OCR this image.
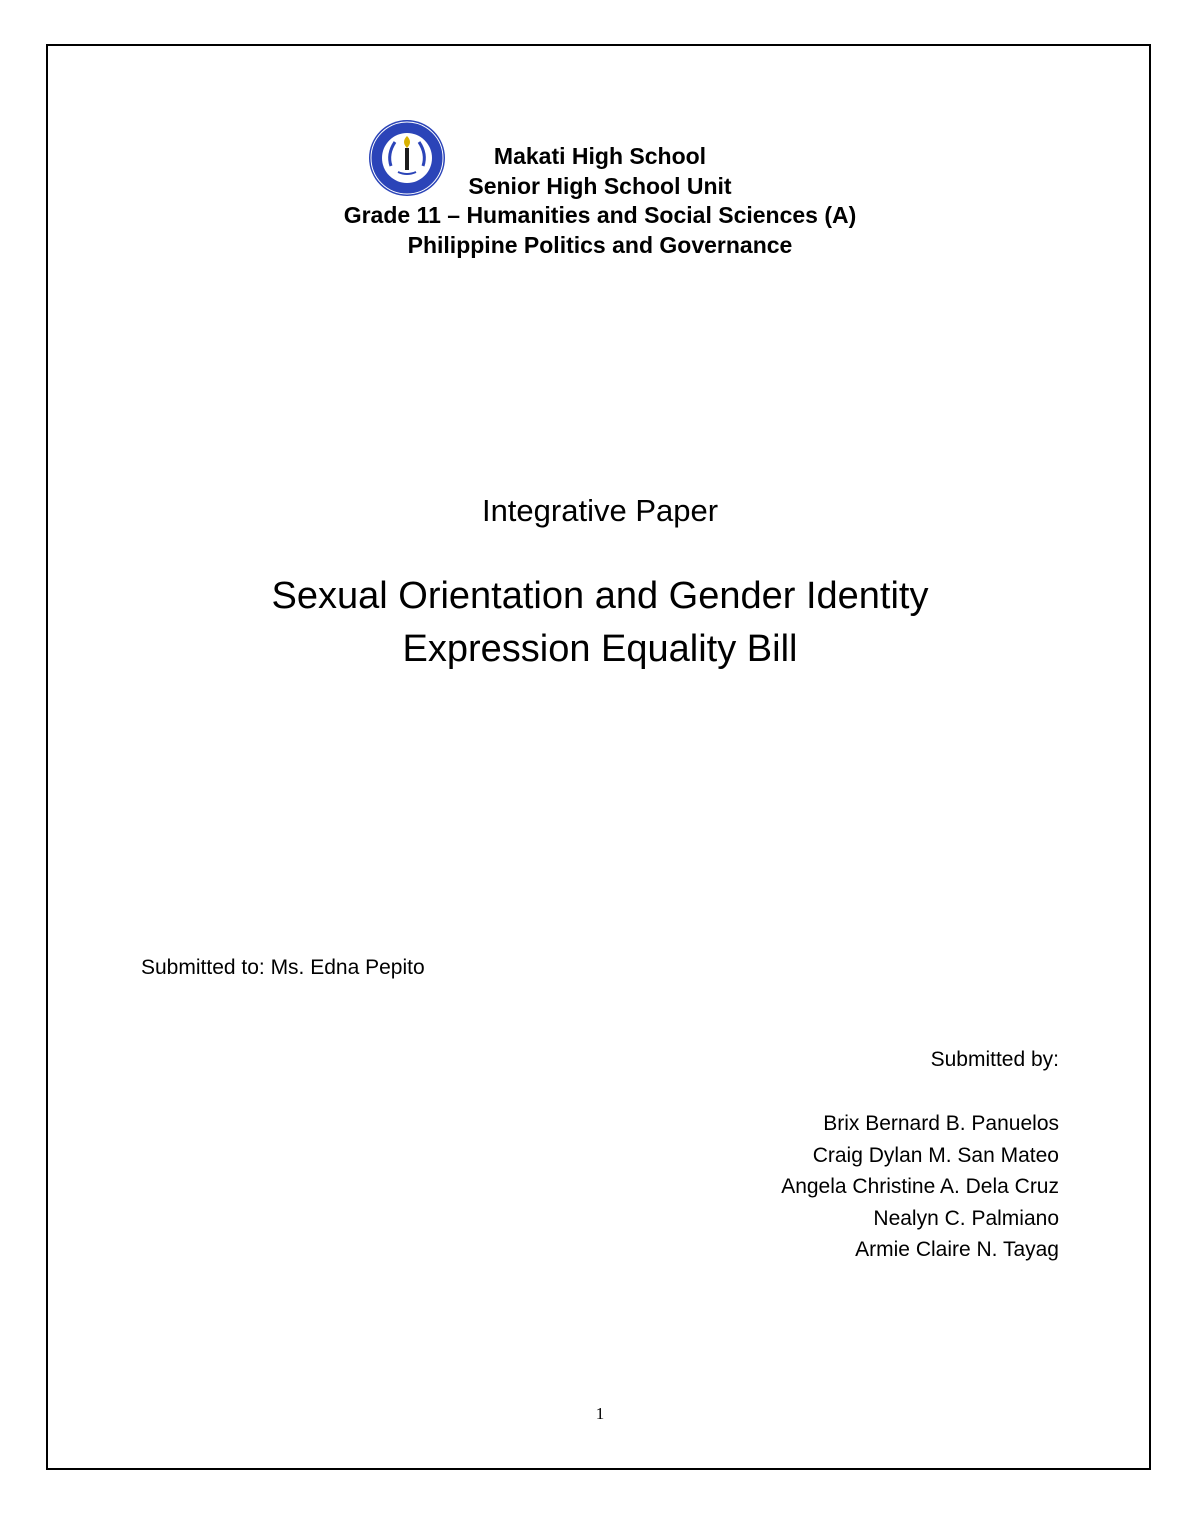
Makati High School
Senior High School Unit
Grade 11 – Humanities and Social Sciences (A)
Philippine Politics and Governance
Integrative Paper
Sexual Orientation and Gender Identity
Expression Equality Bill
Submitted to: Ms. Edna Pepito
Submitted by:
Brix Bernard B. Panuelos
Craig Dylan M. San Mateo
Angela Christine A. Dela Cruz
Nealyn C. Palmiano
Armie Claire N. Tayag
1
